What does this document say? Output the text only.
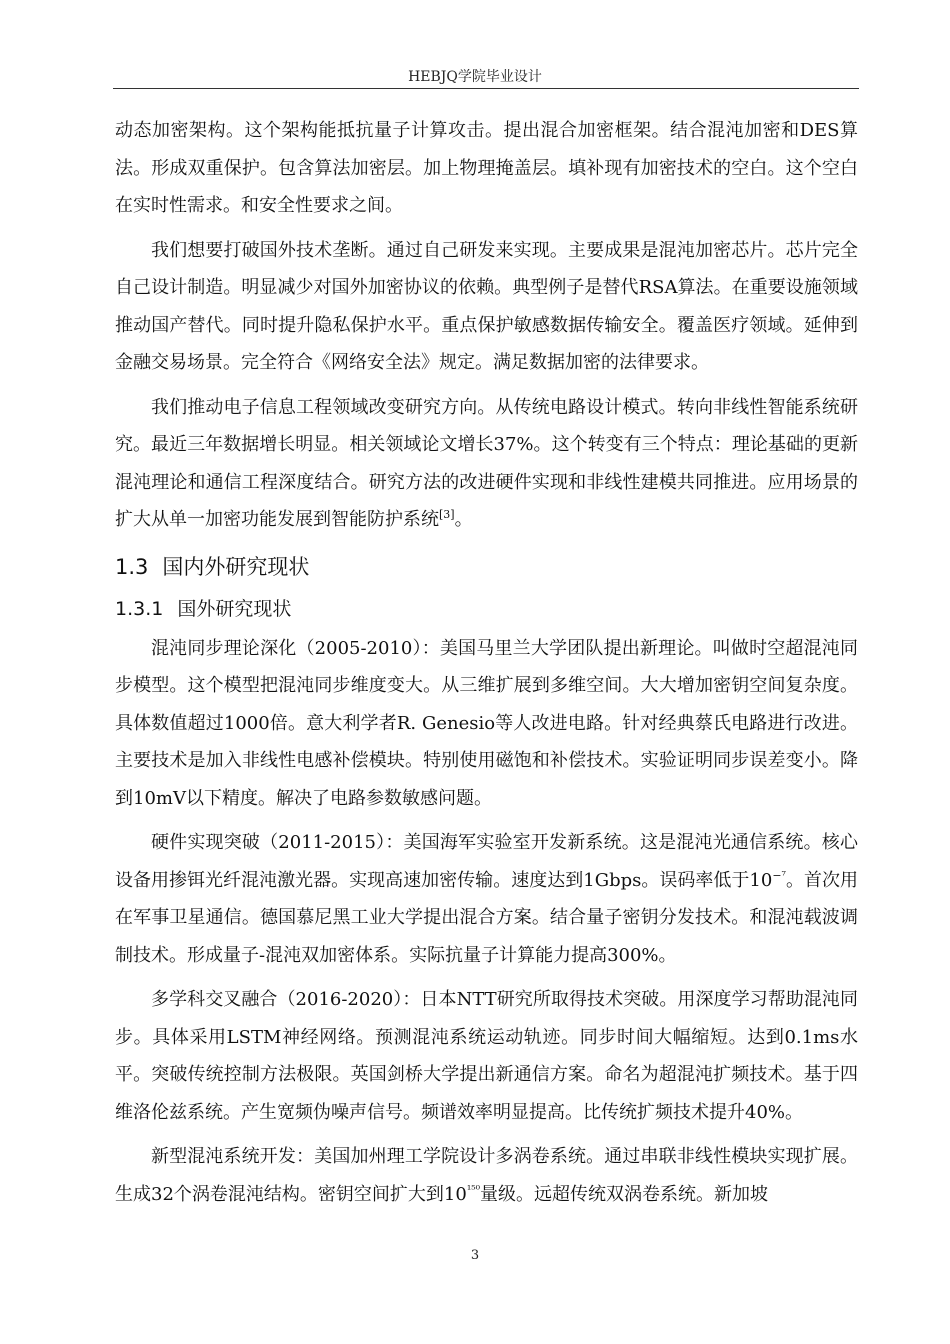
HEBJQ学院毕业设计

动态加密架构。这个架构能抵抗量子计算攻击。提出混合加密框架。结合混沌加密和DES算法。形成双重保护。包含算法加密层。加上物理掩盖层。填补现有加密技术的空白。这个空白在实时性需求。和安全性要求之间。

我们想要打破国外技术垄断。通过自己研发来实现。主要成果是混沌加密芯片。芯片完全自己设计制造。明显减少对国外加密协议的依赖。典型例子是替代RSA算法。在重要设施领域推动国产替代。同时提升隐私保护水平。重点保护敏感数据传输安全。覆盖医疗领域。延伸到金融交易场景。完全符合《网络安全法》规定。满足数据加密的法律要求。

我们推动电子信息工程领域改变研究方向。从传统电路设计模式。转向非线性智能系统研究。最近三年数据增长明显。相关领域论文增长37%。这个转变有三个特点：理论基础的更新 混沌理论和通信工程深度结合。研究方法的改进硬件实现和非线性建模共同推进。应用场景的扩大从单一加密功能发展到智能防护系统[3]。

1.3 国内外研究现状
1.3.1 国外研究现状

混沌同步理论深化（2005-2010）：美国马里兰大学团队提出新理论。叫做时空超混沌同步模型。这个模型把混沌同步维度变大。从三维扩展到多维空间。大大增加密钥空间复杂度。具体数值超过1000倍。意大利学者R. Genesio等人改进电路。针对经典蔡氏电路进行改进。主要技术是加入非线性电感补偿模块。特别使用磁饱和补偿技术。实验证明同步误差变小。降到10mV以下精度。解决了电路参数敏感问题。

硬件实现突破（2011-2015）：美国海军实验室开发新系统。这是混沌光通信系统。核心设备用掺铒光纤混沌激光器。实现高速加密传输。速度达到1Gbps。误码率低于$10^{-^7}$。首次用在军事卫星通信。德国慕尼黑工业大学提出混合方案。结合量子密钥分发技术。和混沌载波调制技术。形成量子-混沌双加密体系。实际抗量子计算能力提高300%。

多学科交叉融合（2016-2020）：日本NTT研究所取得技术突破。用深度学习帮助混沌同步。具体采用LSTM神经网络。预测混沌系统运动轨迹。同步时间大幅缩短。达到0.1ms水平。突破传统控制方法极限。英国剑桥大学提出新通信方案。命名为超混沌扩频技术。基于四维洛伦兹系统。产生宽频伪噪声信号。频谱效率明显提高。比传统扩频技术提升40%。

新型混沌系统开发：美国加州理工学院设计多涡卷系统。通过串联非线性模块实现扩展。生成32个涡卷混沌结构。密钥空间扩大到$10^{^{150}}$量级。远超传统双涡卷系统。新加坡

3
